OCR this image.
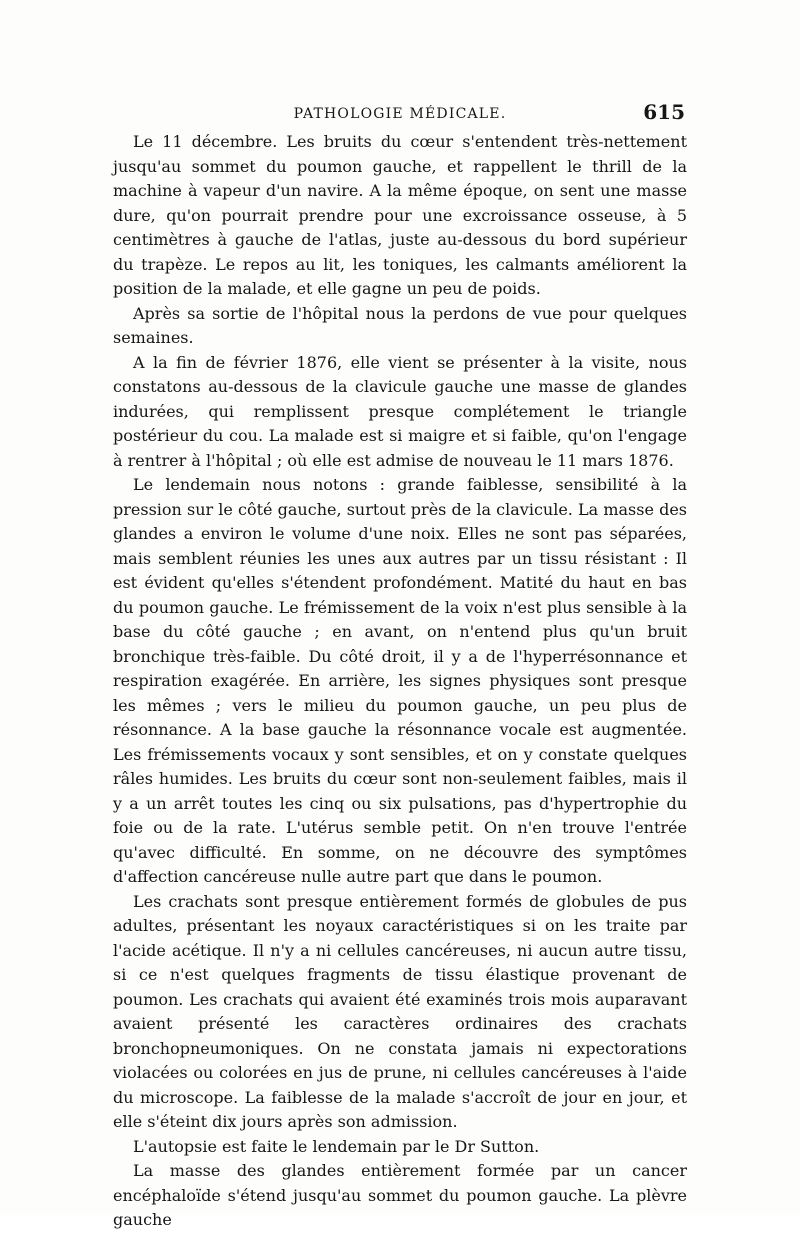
PATHOLOGIE MÉDICALE.	615

Le 11 décembre. Les bruits du cœur s'entendent très-nettement jusqu'au sommet du poumon gauche, et rappellent le thrill de la machine à vapeur d'un navire. A la même époque, on sent une masse dure, qu'on pourrait prendre pour une excroissance osseuse, à 5 centimètres à gauche de l'atlas, juste au-dessous du bord supérieur du trapèze. Le repos au lit, les toniques, les calmants améliorent la position de la malade, et elle gagne un peu de poids.

Après sa sortie de l'hôpital nous la perdons de vue pour quelques semaines.

A la fin de février 1876, elle vient se présenter à la visite, nous constatons au-dessous de la clavicule gauche une masse de glandes indurées, qui remplissent presque complétement le triangle postérieur du cou. La malade est si maigre et si faible, qu'on l'engage à rentrer à l'hôpital ; où elle est admise de nouveau le 11 mars 1876.

Le lendemain nous notons : grande faiblesse, sensibilité à la pression sur le côté gauche, surtout près de la clavicule. La masse des glandes a environ le volume d'une noix. Elles ne sont pas séparées, mais semblent réunies les unes aux autres par un tissu résistant : Il est évident qu'elles s'étendent profondément. Matité du haut en bas du poumon gauche. Le frémissement de la voix n'est plus sensible à la base du côté gauche ; en avant, on n'entend plus qu'un bruit bronchique très-faible. Du côté droit, il y a de l'hyperrésonnance et respiration exagérée. En arrière, les signes physiques sont presque les mêmes ; vers le milieu du poumon gauche, un peu plus de résonnance. A la base gauche la résonnance vocale est augmentée. Les frémissements vocaux y sont sensibles, et on y constate quelques râles humides. Les bruits du cœur sont non-seulement faibles, mais il y a un arrêt toutes les cinq ou six pulsations, pas d'hypertrophie du foie ou de la rate. L'utérus semble petit. On n'en trouve l'entrée qu'avec difficulté. En somme, on ne découvre des symptômes d'affection cancéreuse nulle autre part que dans le poumon.

Les crachats sont presque entièrement formés de globules de pus adultes, présentant les noyaux caractéristiques si on les traite par l'acide acétique. Il n'y a ni cellules cancéreuses, ni aucun autre tissu, si ce n'est quelques fragments de tissu élastique provenant de poumon. Les crachats qui avaient été examinés trois mois auparavant avaient présenté les caractères ordinaires des crachats bronchopneumoniques. On ne constata jamais ni expectorations violacées ou colorées en jus de prune, ni cellules cancéreuses à l'aide du microscope. La faiblesse de la malade s'accroît de jour en jour, et elle s'éteint dix jours après son admission.

L'autopsie est faite le lendemain par le Dr Sutton.

La masse des glandes entièrement formée par un cancer encéphaloïde s'étend jusqu'au sommet du poumon gauche. La plèvre gauche
